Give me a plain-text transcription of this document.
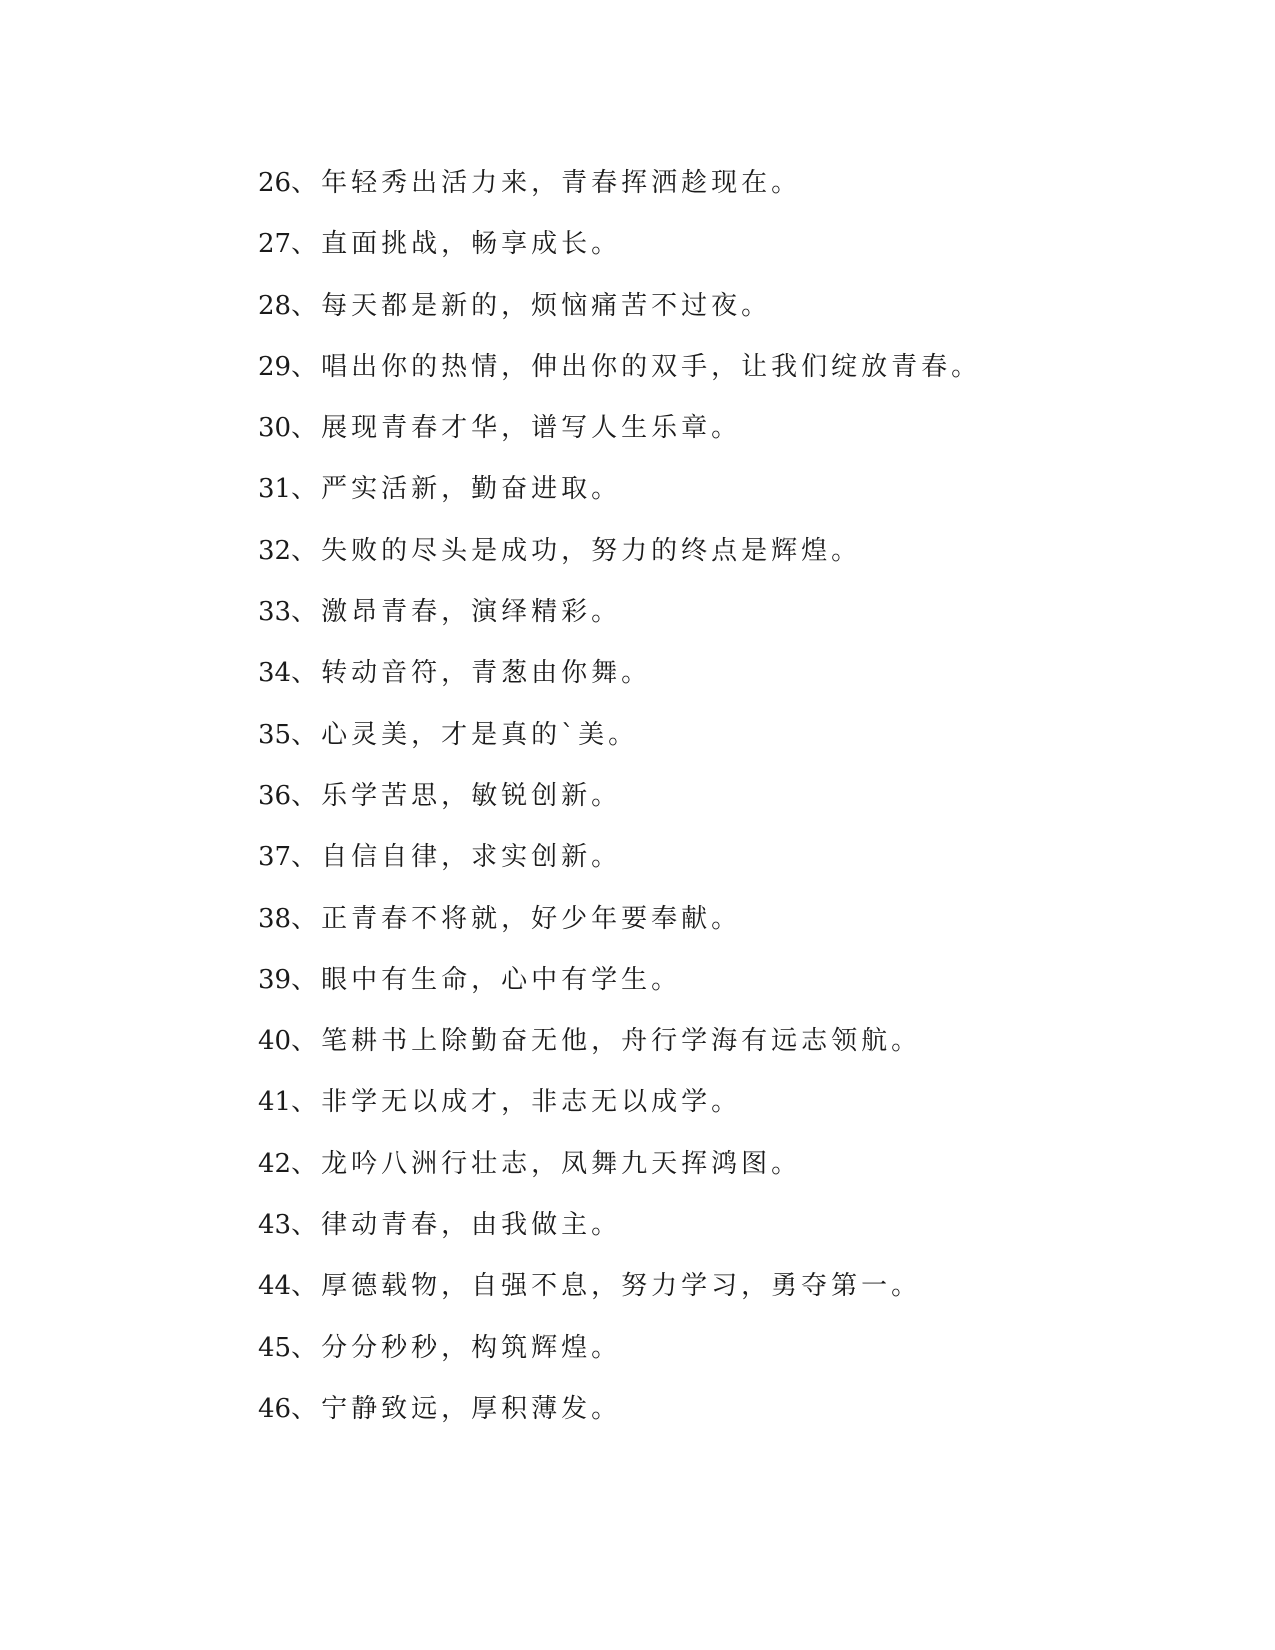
26、年轻秀出活力来，青春挥洒趁现在。
27、直面挑战，畅享成长。
28、每天都是新的，烦恼痛苦不过夜。
29、唱出你的热情，伸出你的双手，让我们绽放青春。
30、展现青春才华，谱写人生乐章。
31、严实活新，勤奋进取。
32、失败的尽头是成功，努力的终点是辉煌。
33、激昂青春，演绎精彩。
34、转动音符，青葱由你舞。
35、心灵美，才是真的`美。
36、乐学苦思，敏锐创新。
37、自信自律，求实创新。
38、正青春不将就，好少年要奉献。
39、眼中有生命，心中有学生。
40、笔耕书上除勤奋无他，舟行学海有远志领航。
41、非学无以成才，非志无以成学。
42、龙吟八洲行壮志，凤舞九天挥鸿图。
43、律动青春，由我做主。
44、厚德载物，自强不息，努力学习，勇夺第一。
45、分分秒秒，构筑辉煌。
46、宁静致远，厚积薄发。
